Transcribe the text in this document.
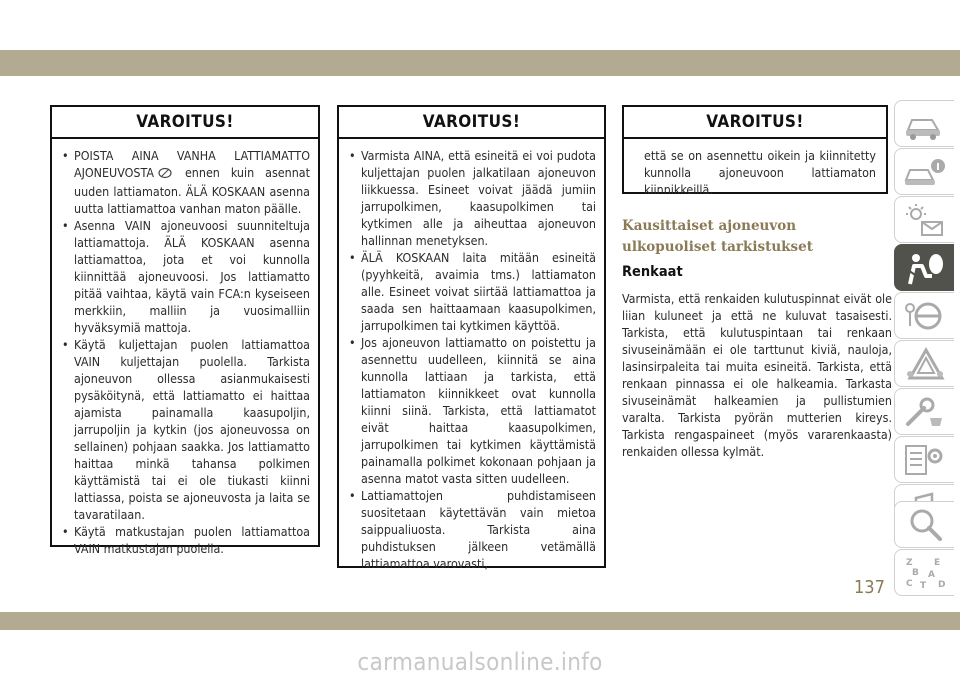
VAROITUS!
• POISTA AINA VANHA LATTIAMATTO AJONEUVOSTA ennen kuin asennat uuden lattiamaton. ÄLÄ KOSKAAN asenna uutta lattiamattoa vanhan maton päälle.
• Asenna VAIN ajoneuvoosi suunniteltuja lattiamattoja. ÄLÄ KOSKAAN asenna lattiamattoa, jota et voi kunnolla kiinnittää ajoneuvoosi. Jos lattiamatto pitää vaihtaa, käytä vain FCA:n kyseiseen merkkiin, malliin ja vuosimalliin hyväksymiä mattoja.
• Käytä kuljettajan puolen lattiamattoa VAIN kuljettajan puolella. Tarkista ajoneuvon ollessa asianmukaisesti pysäköitynä, että lattiamatto ei haittaa ajamista painamalla kaasupoljin, jarrupoljin ja kytkin (jos ajoneuvossa on sellainen) pohjaan saakka. Jos lattiamatto haittaa minkä tahansa polkimen käyttämistä tai ei ole tiukasti kiinni lattiassa, poista se ajoneuvosta ja laita se tavaratilaan.
• Käytä matkustajan puolen lattiamattoa VAIN matkustajan puolella.
VAROITUS!
• Varmista AINA, että esineitä ei voi pudota kuljettajan puolen jalkatilaan ajoneuvon liikkuessa. Esineet voivat jäädä jumiin jarrupolkimen, kaasupolkimen tai kytkimen alle ja aiheuttaa ajoneuvon hallinnan menetyksen.
• ÄLÄ KOSKAAN laita mitään esineitä (pyyhkeitä, avaimia tms.) lattiamaton alle. Esineet voivat siirtää lattiamattoa ja saada sen haittaamaan kaasupolkimen, jarrupolkimen tai kytkimen käyttöä.
• Jos ajoneuvon lattiamatto on poistettu ja asennettu uudelleen, kiinnitä se aina kunnolla lattiaan ja tarkista, että lattiamaton kiinnikkeet ovat kunnolla kiinni siinä. Tarkista, että lattiamatot eivät haittaa kaasupolkimen, jarrupolkimen tai kytkimen käyttämistä painamalla polkimet kokonaan pohjaan ja asenna matot vasta sitten uudelleen.
• Lattiamattojen puhdistamiseen suositetaan käytettävän vain mietoa saippualiuosta. Tarkista aina puhdistuksen jälkeen vetämällä lattiamattoa varovasti,
VAROITUS!
että se on asennettu oikein ja kiinnitetty kunnolla ajoneuvoon lattiamaton kiinnikkeillä.
Kausittaiset ajoneuvon ulkopuoliset tarkistukset
Renkaat
Varmista, että renkaiden kulutuspinnat eivät ole liian kuluneet ja että ne kuluvat tasaisesti. Tarkista, että kulutuspintaan tai renkaan sivuseinämään ei ole tarttunut kiviä, nauloja, lasinsirpaleita tai muita esineitä. Tarkista, että renkaan pinnassa ei ole halkeamia. Tarkasta sivuseinämät halkeamien ja pullistumien varalta. Tarkista pyörän mutterien kireys. Tarkista rengaspaineet (myös vararenkaasta) renkaiden ollessa kylmät.
Z E
B A
C T D
137
carmanualsonline.info
